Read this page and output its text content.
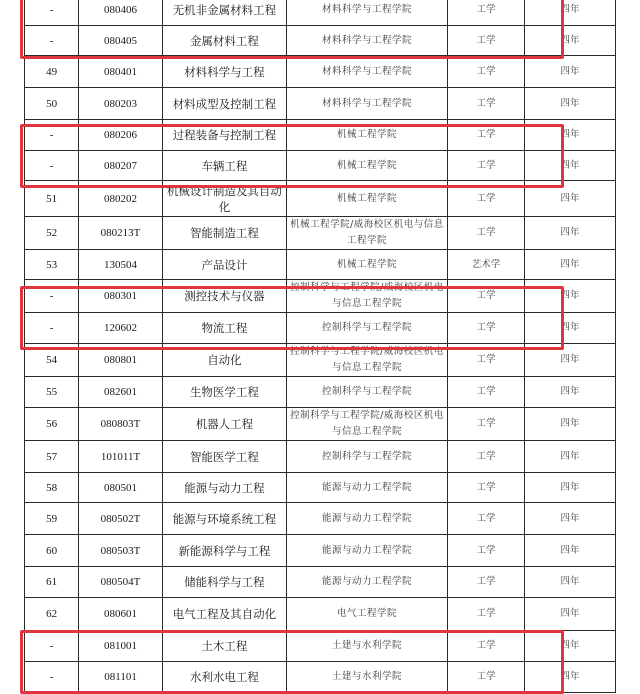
-	080406	无机非金属材料工程	材料科学与工程学院	工学	四年
-	080405	金属材料工程	材料科学与工程学院	工学	四年
49	080401	材料科学与工程	材料科学与工程学院	工学	四年
50	080203	材料成型及控制工程	材料科学与工程学院	工学	四年
-	080206	过程装备与控制工程	机械工程学院	工学	四年
-	080207	车辆工程	机械工程学院	工学	四年
51	080202	机械设计制造及其自动化	机械工程学院	工学	四年
52	080213T	智能制造工程	机械工程学院/威海校区机电与信息工程学院	工学	四年
53	130504	产品设计	机械工程学院	艺术学	四年
-	080301	测控技术与仪器	控制科学与工程学院/威海校区机电与信息工程学院	工学	四年
-	120602	物流工程	控制科学与工程学院	工学	四年
54	080801	自动化	控制科学与工程学院/威海校区机电与信息工程学院	工学	四年
55	082601	生物医学工程	控制科学与工程学院	工学	四年
56	080803T	机器人工程	控制科学与工程学院/威海校区机电与信息工程学院	工学	四年
57	101011T	智能医学工程	控制科学与工程学院	工学	四年
58	080501	能源与动力工程	能源与动力工程学院	工学	四年
59	080502T	能源与环境系统工程	能源与动力工程学院	工学	四年
60	080503T	新能源科学与工程	能源与动力工程学院	工学	四年
61	080504T	储能科学与工程	能源与动力工程学院	工学	四年
62	080601	电气工程及其自动化	电气工程学院	工学	四年
-	081001	土木工程	土建与水利学院	工学	四年
-	081101	水利水电工程	土建与水利学院	工学	四年
